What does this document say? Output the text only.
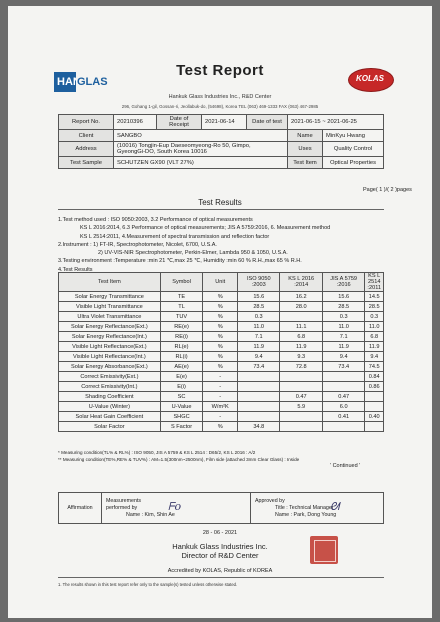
HAN
GLAS
Test Report	KOLAS
Hankuk Glass Industries Inc., R&D Center
296, Gohang 1-gil, Gossan-ri, Jeollabuk-do, (54698), Korea TEL (063) 469-1333 FAX (063) 467-2985
Report No.	20210396	Date of Receipt	2021-06-14	Date of test	2021-06-15 ~ 2021-06-25	
Client	SANGBO				Name	MinKyu Hwang
Address	(10016) Tongjin-Eup Daeseomyeong-Ro 50, Gimpo,
GyeongGi-DO, South Korea 10016				Uses	Quality Control
Test Sample	SCHUTZEN GX90 (VLT 27%)				Test Item	Optical Properties
Page( 1 )/( 2 )pages
Test Results
1.Test method used : ISO 9050:2003, 3.2 Performance of optical measurements
KS L 2016:2014, 6.3 Performance of optical measurements; JIS A 5759:2016, 6. Measurement method
KS L 2514:2011, 4.Measurement of spectral transmission and reflection factor
2.Instrument : 1) FT-IR, Spectrophotometer, Nicolet, 6700, U.S.A.
2) UV-VIS-NIR Spectrophotometer, Perkin-Elmer, Lambda 950 & 1050, U.S.A.
3.Testing environment :Temperature :min 21 ℃,max 25 ℃, Humidity :min 60 % R.H.,max 65 % R.H.
4.Test Results
Test Item	Symbol	Unit	ISO 9050 :2003	KS L 2016 :2014	JIS A 5759 :2016	KS L 2514 :2011
Solar Energy Transmittance	TE	%	15.6	16.2	15.6	14.5
Visible Light Transmittance	TL	%	28.5	28.0	28.5	28.5
Ultra Violet Transmittance	TUV	%	0.3		0.3	0.3
Solar Energy Reflectance(Ext.)	RE(e)	%	11.0	11.1	11.0	11.0
Solar Energy Reflectance(Int.)	RE(i)	%	7.1	6.8	7.1	6.8
Visible Light Reflectance(Ext.)	RL(e)	%	11.9	11.9	11.9	11.9
Visible Light Reflectance(Int.)	RL(i)	%	9.4	9.3	9.4	9.4
Solar Energy Absorbance(Ext.)	AE(e)	%	73.4	72.8	73.4	74.5
Correct Emissivity(Ext.)	E(e)	-				0.84
Correct Emissivity(Int.)	E(i)	-				0.86
Shading Coefficient	SC	-		0.47	0.47	
U-Value (Winter)	U-Value	W/m²K		5.9	6.0	
Solar Heat Gain Coefficient	SHGC	-			0.41	0.40
Solar Factor	S Factor	%	34.8			
* Measuring condition(TL% & RL%) : ISO 9050, JIS A 5759 & KS L 2514 : D65/2, KS L 2016 : A/2
** Measuring condition(TE%,RE% & TUV%) : AM=1.5(300nm~2500nm), Film side (attached 3mm Clear Glass) : Inside
' Continued '
Affirmation	
Measurements
performed by
Name : Kim, Shin Ae

Approved by
Title : Technical Manager
Name : Park, Dong Young
ᖴo	ᘛ
28 - 06 - 2021
Hankuk Glass Industries Inc.
Director of R&D Center
Accredited by KOLAS, Republic of KOREA
1. The results shown in this test report refer only to the sample(s) tested unless otherwise stated.
